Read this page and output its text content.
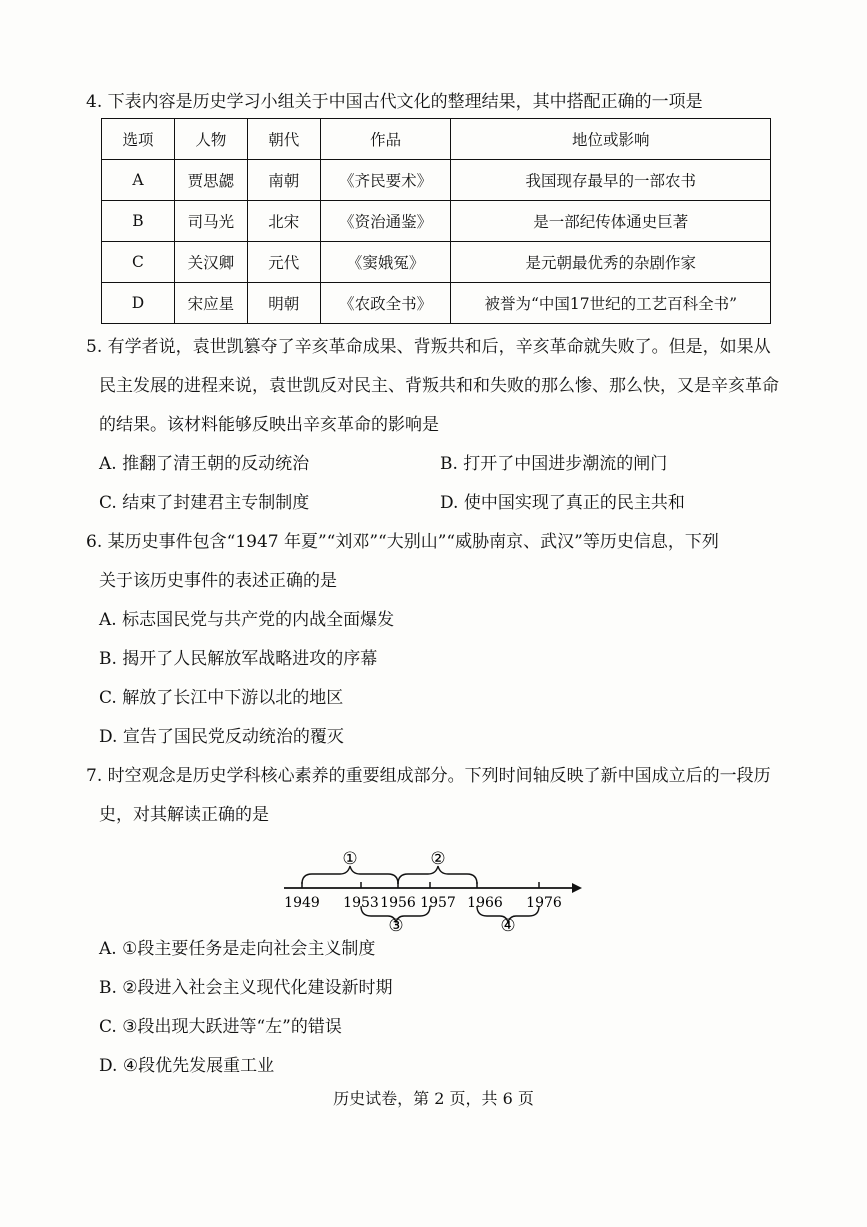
4. 下表内容是历史学习小组关于中国古代文化的整理结果，其中搭配正确的一项是
选项	人物	朝代	作品	地位或影响
A	贾思勰	南朝	《齐民要术》	我国现存最早的一部农书
B	司马光	北宋	《资治通鉴》	是一部纪传体通史巨著
C	关汉卿	元代	《窦娥冤》	是元朝最优秀的杂剧作家
D	宋应星	明朝	《农政全书》	被誉为“中国17世纪的工艺百科全书”
5. 有学者说，袁世凯篡夺了辛亥革命成果、背叛共和后，辛亥革命就失败了。但是，如果从
民主发展的进程来说，袁世凯反对民主、背叛共和和失败的那么惨、那么快，又是辛亥革命
的结果。该材料能够反映出辛亥革命的影响是
A. 推翻了清王朝的反动统治	B. 打开了中国进步潮流的闸门
C. 结束了封建君主专制制度	D. 使中国实现了真正的民主共和
6. 某历史事件包含“1947 年夏”“刘邓”“大别山”“威胁南京、武汉”等历史信息，下列
关于该历史事件的表述正确的是
A. 标志国民党与共产党的内战全面爆发
B. 揭开了人民解放军战略进攻的序幕
C. 解放了长江中下游以北的地区
D. 宣告了国民党反动统治的覆灭
7. 时空观念是历史学科核心素养的重要组成部分。下列时间轴反映了新中国成立后的一段历
史，对其解读正确的是
①	②
③	④
1949 1953 1956 1957 1966 1976
A. ①段主要任务是走向社会主义制度
B. ②段进入社会主义现代化建设新时期
C. ③段出现大跃进等“左”的错误
D. ④段优先发展重工业
历史试卷，第 2 页，共 6 页
